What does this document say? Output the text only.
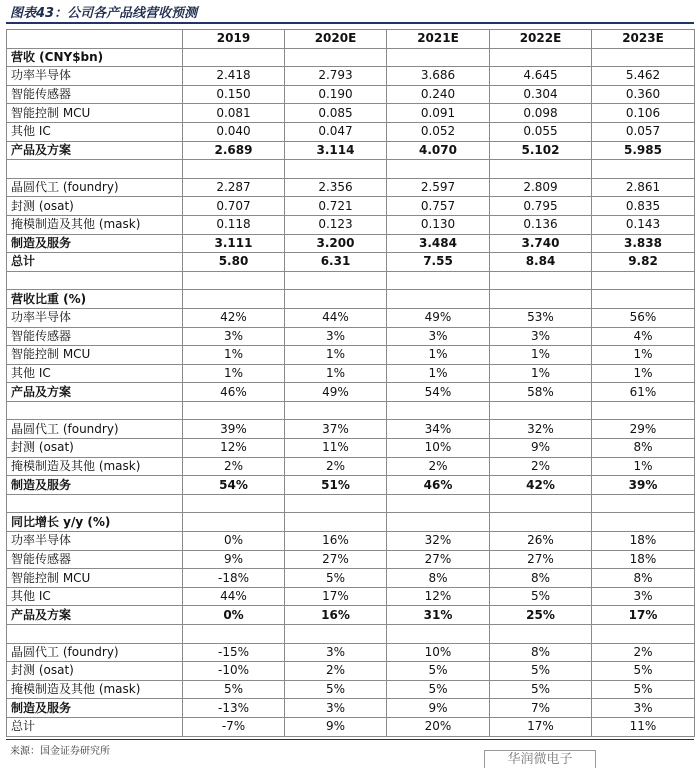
图表43：公司各产品线营收预测
	2019	2020E	2021E	2022E	2023E
营收 (CNY$bn)					
功率半导体	2.418	2.793	3.686	4.645	5.462
智能传感器	0.150	0.190	0.240	0.304	0.360
智能控制 MCU	0.081	0.085	0.091	0.098	0.106
其他 IC	0.040	0.047	0.052	0.055	0.057
产品及方案	2.689	3.114	4.070	5.102	5.985

晶圆代工 (foundry)	2.287	2.356	2.597	2.809	2.861
封测 (osat)	0.707	0.721	0.757	0.795	0.835
掩模制造及其他 (mask)	0.118	0.123	0.130	0.136	0.143
制造及服务	3.111	3.200	3.484	3.740	3.838
总计	5.80	6.31	7.55	8.84	9.82

营收比重 (%)					
功率半导体	42%	44%	49%	53%	56%
智能传感器	3%	3%	3%	3%	4%
智能控制 MCU	1%	1%	1%	1%	1%
其他 IC	1%	1%	1%	1%	1%
产品及方案	46%	49%	54%	58%	61%

晶圆代工 (foundry)	39%	37%	34%	32%	29%
封测 (osat)	12%	11%	10%	9%	8%
掩模制造及其他 (mask)	2%	2%	2%	2%	1%
制造及服务	54%	51%	46%	42%	39%

同比增长 y/y (%)					
功率半导体	0%	16%	32%	26%	18%
智能传感器	9%	27%	27%	27%	18%
智能控制 MCU	-18%	5%	8%	8%	8%
其他 IC	44%	17%	12%	5%	3%
产品及方案	0%	16%	31%	25%	17%

晶圆代工 (foundry)	-15%	3%	10%	8%	2%
封测 (osat)	-10%	2%	5%	5%	5%
掩模制造及其他 (mask)	5%	5%	5%	5%	5%
制造及服务	-13%	3%	9%	7%	3%
总计	-7%	9%	20%	17%	11%
来源：国金证券研究所
华润微电子
